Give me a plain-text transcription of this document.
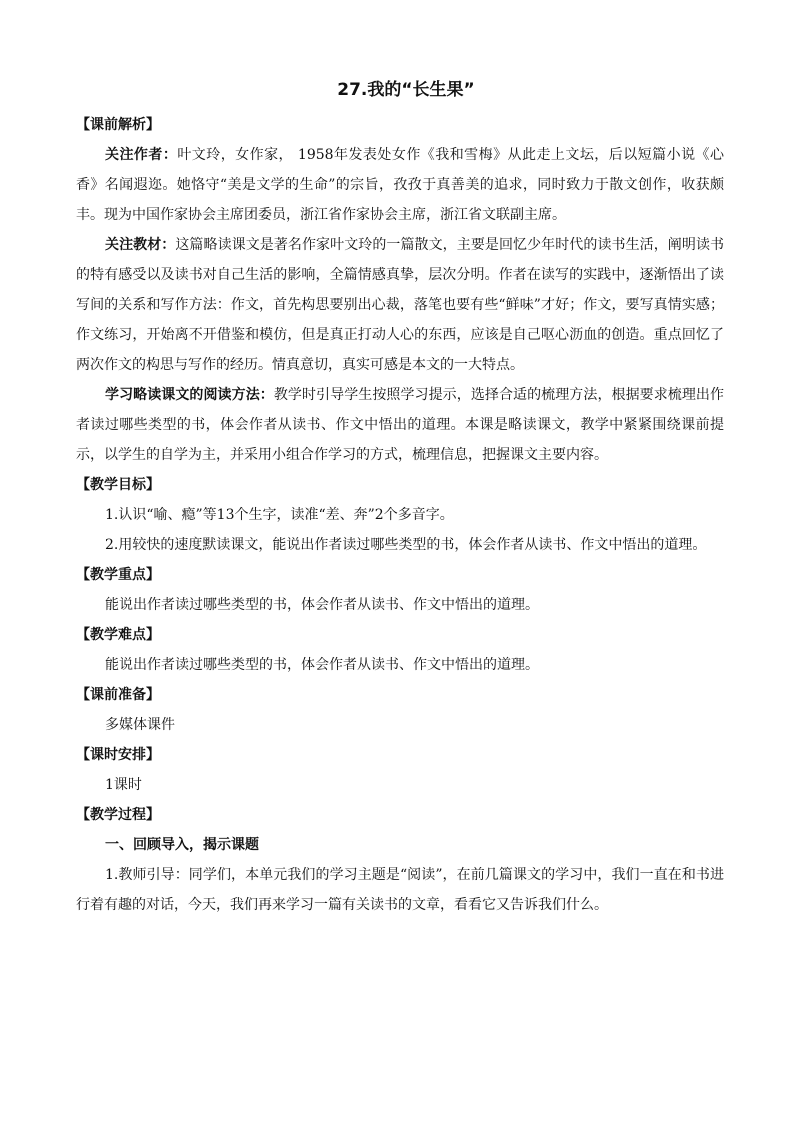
27.我的“长生果”
【课前解析】

关注作者：叶文玲，女作家， 1958年发表处女作《我和雪梅》从此走上文坛，后以短篇小说《心香》名闻遐迩。她恪守“美是文学的生命”的宗旨，孜孜于真善美的追求，同时致力于散文创作，收获颇丰。现为中国作家协会主席团委员，浙江省作家协会主席，浙江省文联副主席。

关注教材：这篇略读课文是著名作家叶文玲的一篇散文，主要是回忆少年时代的读书生活，阐明读书的特有感受以及读书对自己生活的影响，全篇情感真挚，层次分明。作者在读写的实践中，逐渐悟出了读写间的关系和写作方法：作文，首先构思要别出心裁，落笔也要有些“鲜味”才好；作文，要写真情实感；作文练习，开始离不开借鉴和模仿，但是真正打动人心的东西，应该是自己呕心沥血的创造。重点回忆了两次作文的构思与写作的经历。情真意切，真实可感是本文的一大特点。

学习略读课文的阅读方法：教学时引导学生按照学习提示，选择合适的梳理方法，根据要求梳理出作者读过哪些类型的书，体会作者从读书、作文中悟出的道理。本课是略读课文，教学中紧紧围绕课前提示，以学生的自学为主，并采用小组合作学习的方式，梳理信息，把握课文主要内容。

【教学目标】

1.认识“喻、瘾”等13个生字，读准“差、奔”2个多音字。

2.用较快的速度默读课文，能说出作者读过哪些类型的书，体会作者从读书、作文中悟出的道理。

【教学重点】

能说出作者读过哪些类型的书，体会作者从读书、作文中悟出的道理。

【教学难点】

能说出作者读过哪些类型的书，体会作者从读书、作文中悟出的道理。

【课前准备】

多媒体课件

【课时安排】

1课时

【教学过程】

一、回顾导入，揭示课题

1.教师引导：同学们，本单元我们的学习主题是“阅读”，在前几篇课文的学习中，我们一直在和书进行着有趣的对话，今天，我们再来学习一篇有关读书的文章，看看它又告诉我们什么。
